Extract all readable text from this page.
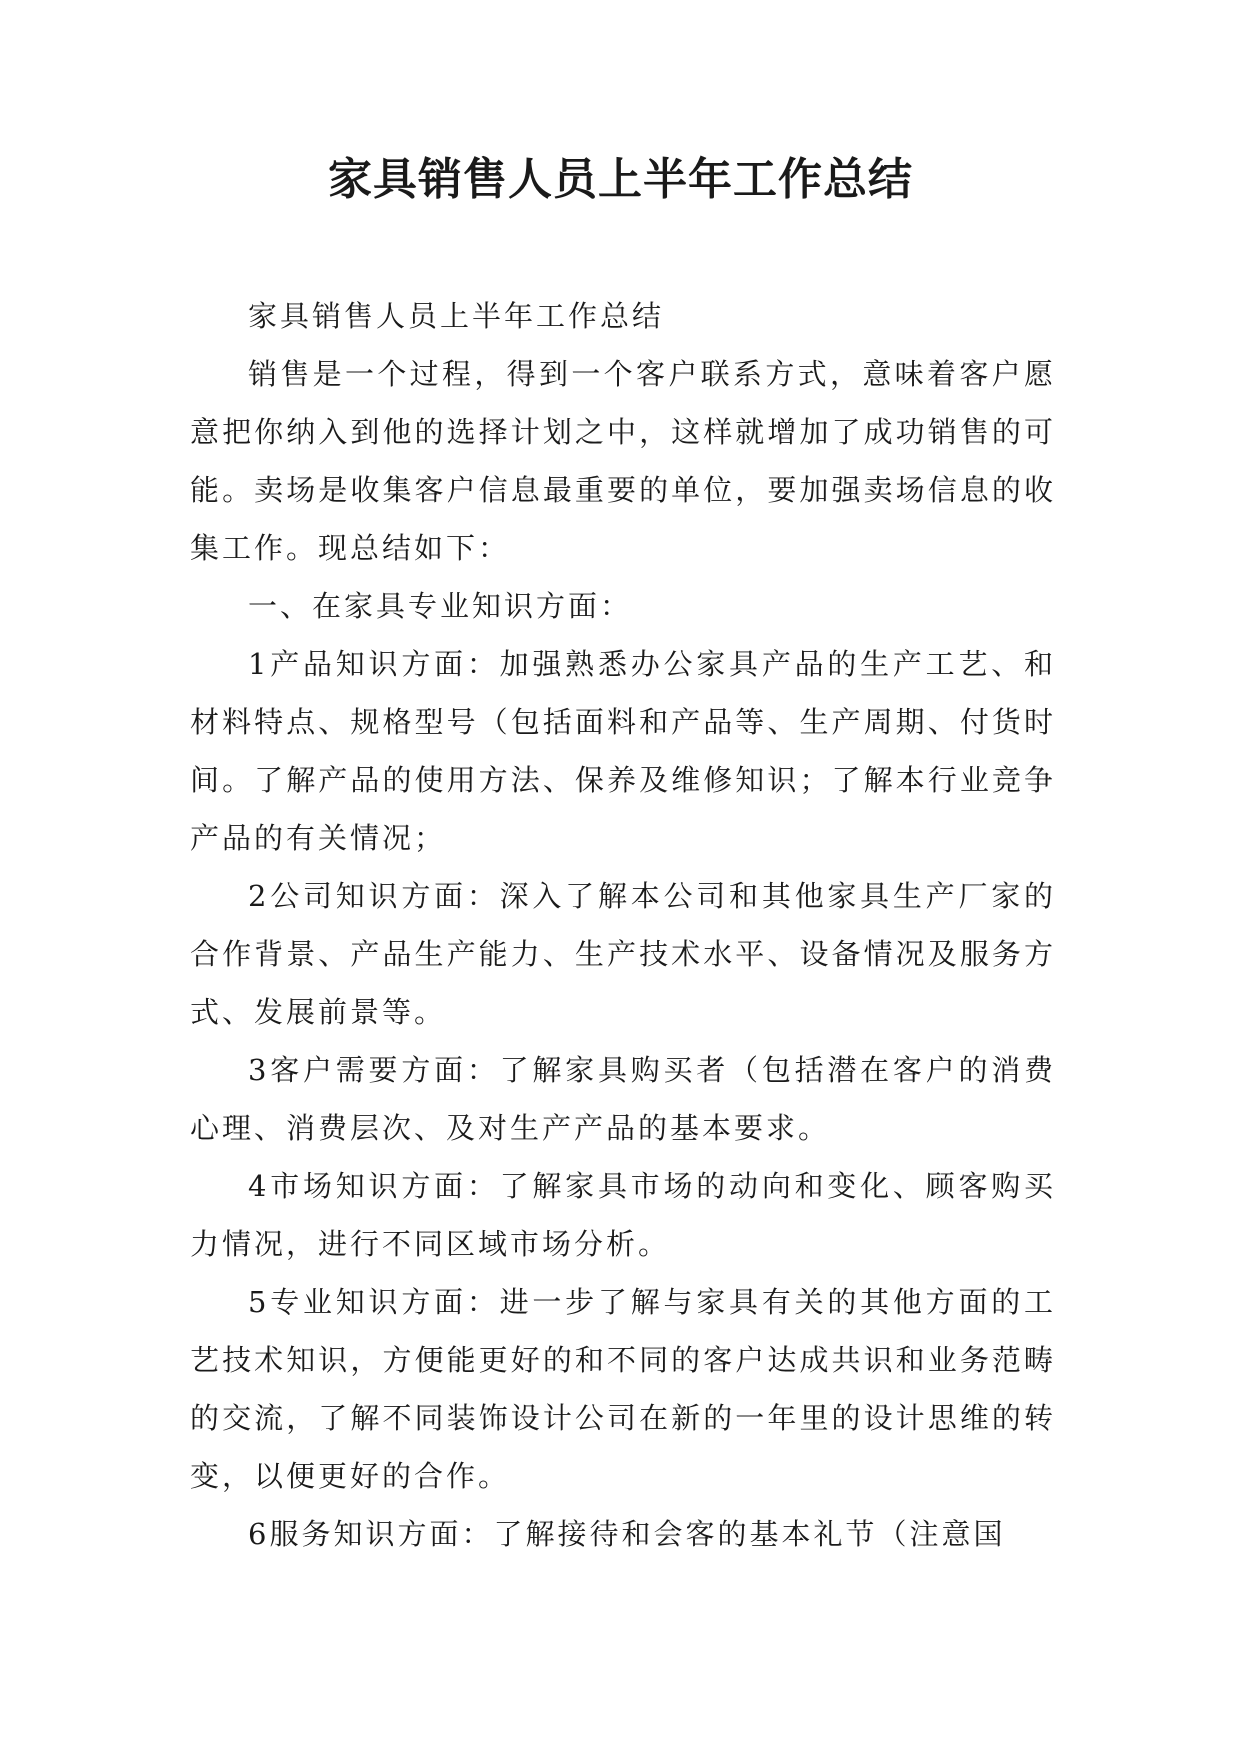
家具销售人员上半年工作总结

家具销售人员上半年工作总结

销售是一个过程，得到一个客户联系方式，意味着客户愿意把你纳入到他的选择计划之中，这样就增加了成功销售的可能。卖场是收集客户信息最重要的单位，要加强卖场信息的收集工作。现总结如下：

一、在家具专业知识方面：

1产品知识方面：加强熟悉办公家具产品的生产工艺、和材料特点、规格型号（包括面料和产品等、生产周期、付货时间。了解产品的使用方法、保养及维修知识；了解本行业竞争产品的有关情况；

2公司知识方面：深入了解本公司和其他家具生产厂家的合作背景、产品生产能力、生产技术水平、设备情况及服务方式、发展前景等。

3客户需要方面：了解家具购买者（包括潜在客户的消费心理、消费层次、及对生产产品的基本要求。

4市场知识方面：了解家具市场的动向和变化、顾客购买力情况，进行不同区域市场分析。

5专业知识方面：进一步了解与家具有关的其他方面的工艺技术知识，方便能更好的和不同的客户达成共识和业务范畴的交流，了解不同装饰设计公司在新的一年里的设计思维的转变，以便更好的合作。

6服务知识方面：了解接待和会客的基本礼节（注意国
